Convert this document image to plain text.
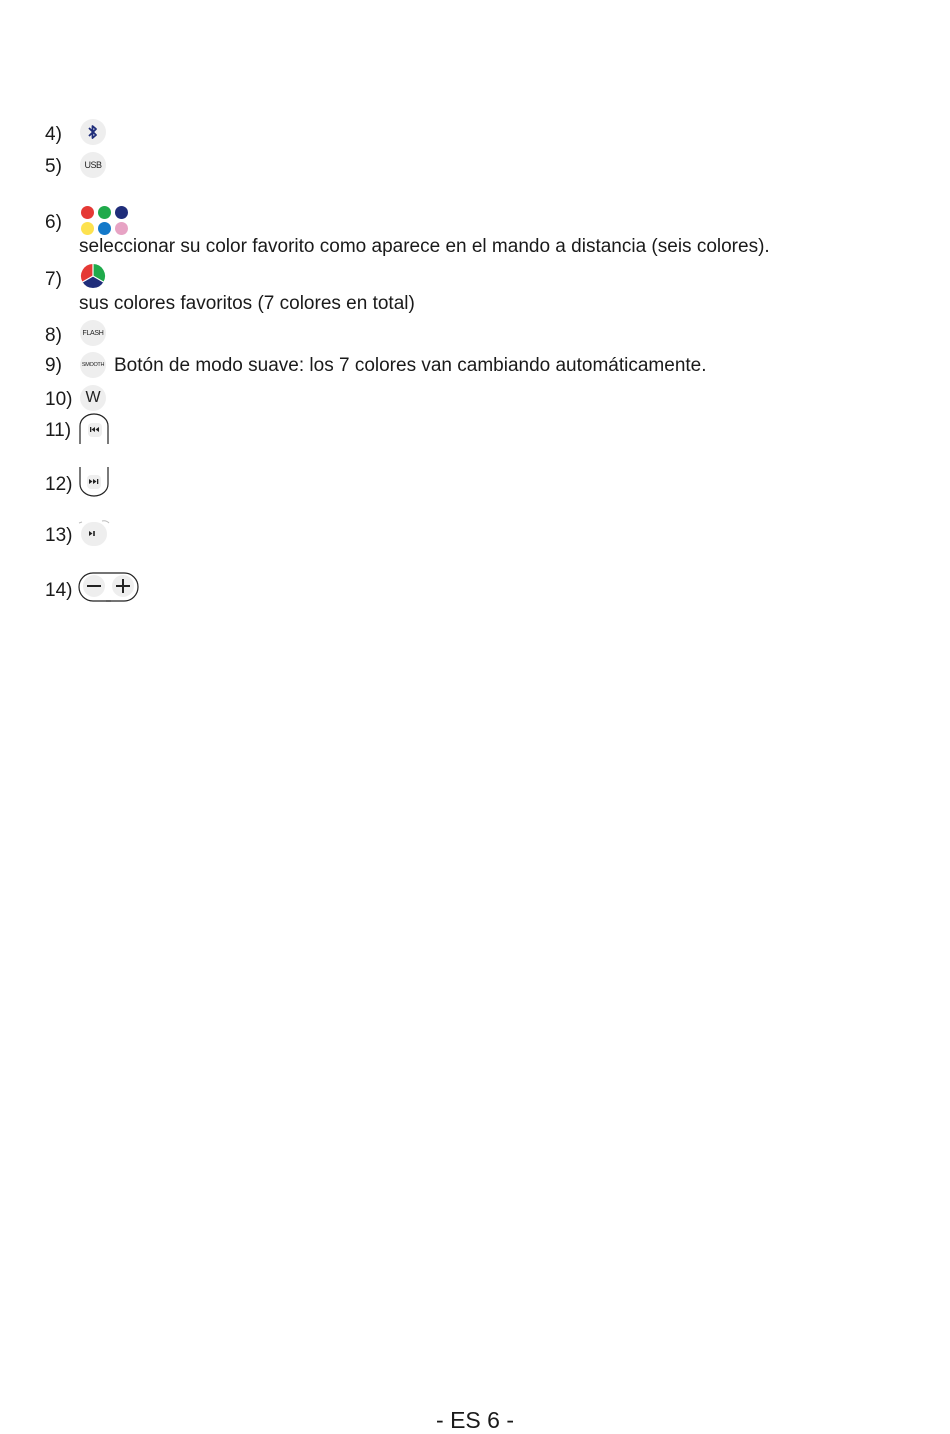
4)
5)	USB
6)
seleccionar su color favorito como aparece en el mando a distancia (seis colores).
7)
sus colores favoritos (7 colores en total)
8)	FLASH
9)	SMOOTH Botón de modo suave: los 7 colores van cambiando automáticamente.
10) W
11)
12)
13)
14)
- ES 6 -
